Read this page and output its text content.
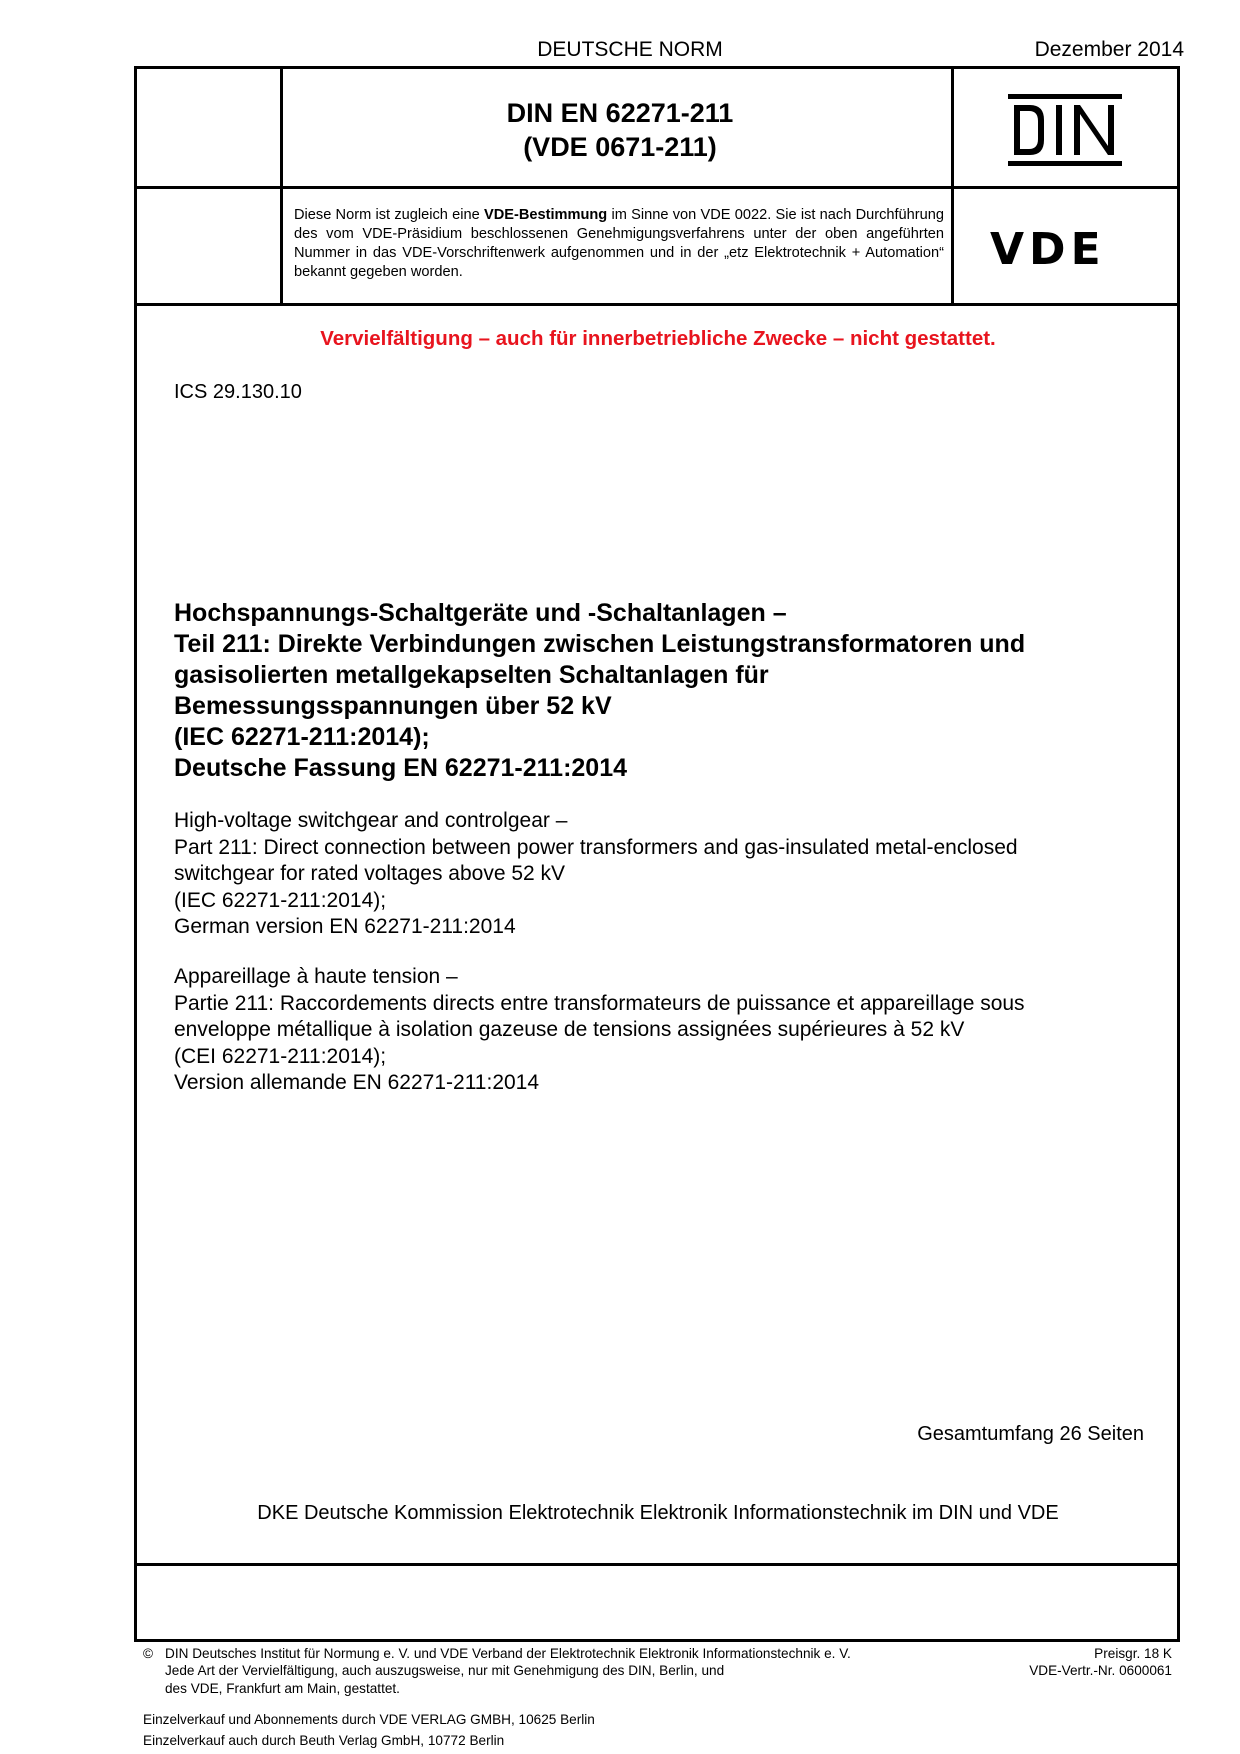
DEUTSCHE NORM	Dezember 2014
DIN EN 62271-211
(VDE 0671-211)
VDE
Diese Norm ist zugleich eine VDE-Bestimmung im Sinne von VDE 0022. Sie ist nach Durchführung des vom VDE-Präsidium beschlossenen Genehmigungsverfahrens unter der oben angeführten Nummer in das VDE-Vorschriftenwerk aufgenommen und in der „etz Elektrotechnik + Automation“ bekannt gegeben worden.
Vervielfältigung – auch für innerbetriebliche Zwecke – nicht gestattet.
ICS 29.130.10
Hochspannungs-Schaltgeräte und -Schaltanlagen –
Teil 211: Direkte Verbindungen zwischen Leistungstransformatoren und
gasisolierten metallgekapselten Schaltanlagen für
Bemessungsspannungen über 52 kV
(IEC 62271-211:2014);
Deutsche Fassung EN 62271-211:2014
High-voltage switchgear and controlgear –
Part 211: Direct connection between power transformers and gas-insulated metal-enclosed
switchgear for rated voltages above 52 kV
(IEC 62271-211:2014);
German version EN 62271-211:2014
Appareillage à haute tension –
Partie 211: Raccordements directs entre transformateurs de puissance et appareillage sous
enveloppe métallique à isolation gazeuse de tensions assignées supérieures à 52 kV
(CEI 62271-211:2014);
Version allemande EN 62271-211:2014
Gesamtumfang 26 Seiten
DKE Deutsche Kommission Elektrotechnik Elektronik Informationstechnik im DIN und VDE
© DIN Deutsches Institut für Normung e. V. und VDE Verband der Elektrotechnik Elektronik Informationstechnik e. V.
Jede Art der Vervielfältigung, auch auszugsweise, nur mit Genehmigung des DIN, Berlin, und
des VDE, Frankfurt am Main, gestattet.
Preisgr. 18 K
VDE-Vertr.-Nr. 0600061
Einzelverkauf und Abonnements durch VDE VERLAG GMBH, 10625 Berlin
Einzelverkauf auch durch Beuth Verlag GmbH, 10772 Berlin
